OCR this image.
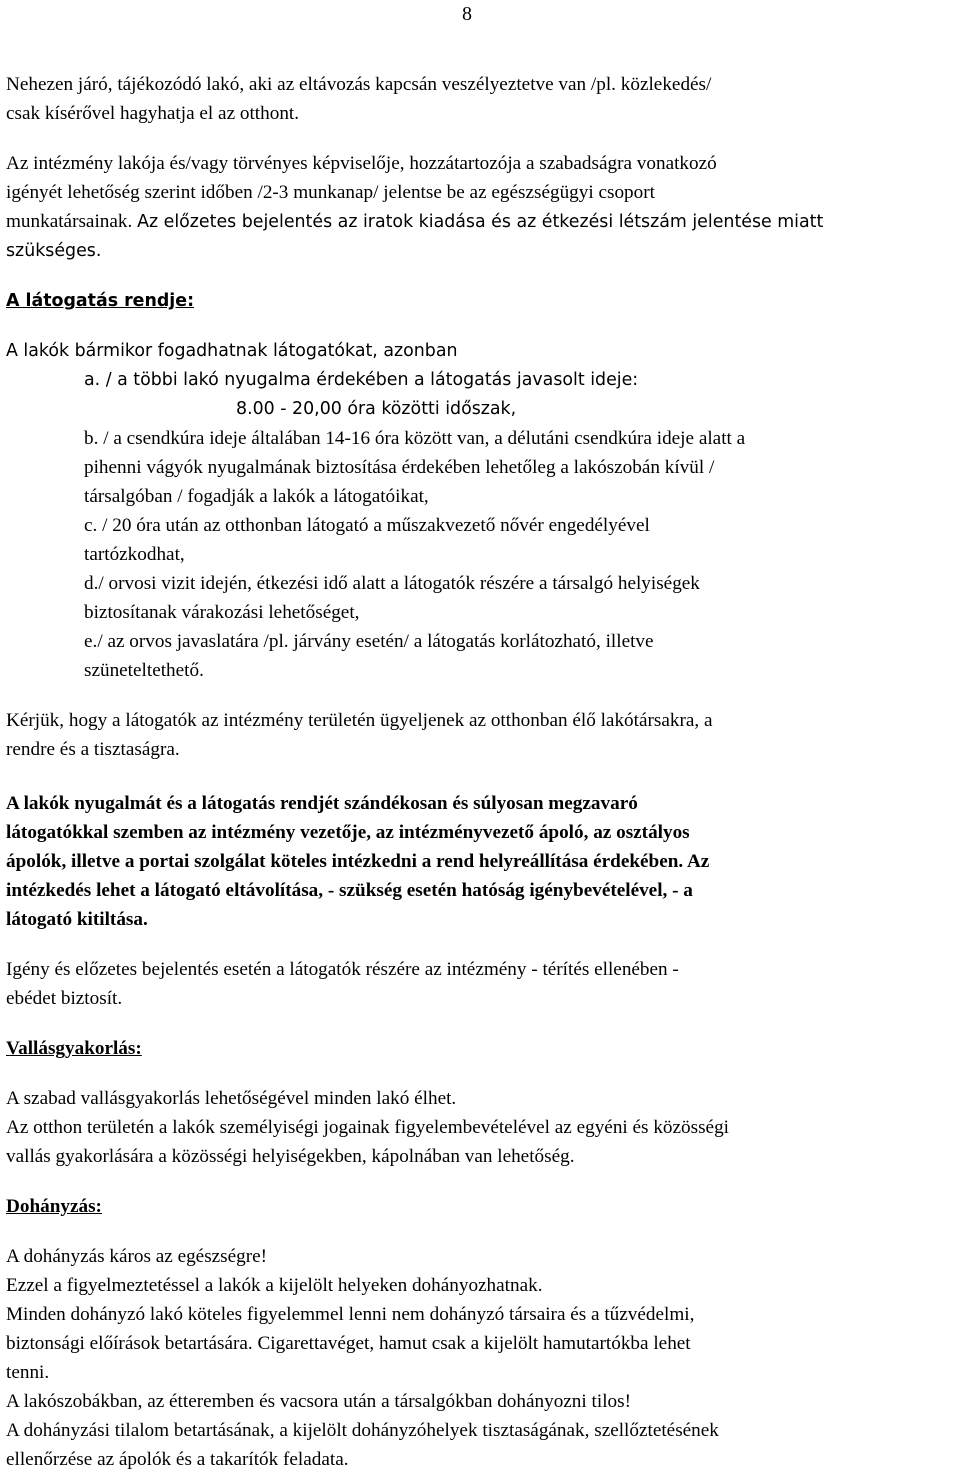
8
Nehezen járó, tájékozódó lakó, aki az eltávozás kapcsán veszélyeztetve van /pl. közlekedés/
csak kísérővel hagyhatja el az otthont.
Az intézmény lakója és/vagy törvényes képviselője, hozzátartozója a szabadságra vonatkozó
igényét lehetőség szerint időben /2-3 munkanap/ jelentse be az egészségügyi csoport
munkatársainak. Az előzetes bejelentés az iratok kiadása és az étkezési létszám jelentése miatt
szükséges.
A látogatás rendje:
A lakók bármikor fogadhatnak látogatókat, azonban
a. / a többi lakó nyugalma érdekében a látogatás javasolt ideje:
8.00 - 20,00 óra közötti időszak,
b. / a csendkúra ideje általában 14-16 óra között van, a délutáni csendkúra ideje alatt a
pihenni vágyók nyugalmának biztosítása érdekében lehetőleg a lakószobán kívül /
társalgóban / fogadják a lakók a látogatóikat,
c. / 20 óra után az otthonban látogató a műszakvezető nővér engedélyével
tartózkodhat,
d./ orvosi vizit idején, étkezési idő alatt a látogatók részére a társalgó helyiségek
biztosítanak várakozási lehetőséget,
e./ az orvos javaslatára /pl. járvány esetén/ a látogatás korlátozható, illetve
szüneteltethető.
Kérjük, hogy a látogatók az intézmény területén ügyeljenek az otthonban élő lakótársakra, a
rendre és a tisztaságra.
A lakók nyugalmát és a látogatás rendjét szándékosan és súlyosan megzavaró
látogatókkal szemben az intézmény vezetője, az intézményvezető ápoló, az osztályos
ápolók, illetve a portai szolgálat köteles intézkedni a rend helyreállítása érdekében. Az
intézkedés lehet a látogató eltávolítása, - szükség esetén hatóság igénybevételével, - a
látogató kitiltása.
Igény és előzetes bejelentés esetén a látogatók részére az intézmény - térítés ellenében -
ebédet biztosít.
Vallásgyakorlás:
A szabad vallásgyakorlás lehetőségével minden lakó élhet.
Az otthon területén a lakók személyiségi jogainak figyelembevételével az egyéni és közösségi
vallás gyakorlására a közösségi helyiségekben, kápolnában van lehetőség.
Dohányzás:
A dohányzás káros az egészségre!
Ezzel a figyelmeztetéssel a lakók a kijelölt helyeken dohányozhatnak.
Minden dohányzó lakó köteles figyelemmel lenni nem dohányzó társaira és a tűzvédelmi,
biztonsági előírások betartására. Cigarettavéget, hamut csak a kijelölt hamutartókba lehet
tenni.
A lakószobákban, az étteremben és vacsora után a társalgókban dohányozni tilos!
A dohányzási tilalom betartásának, a kijelölt dohányzóhelyek tisztaságának, szellőztetésének
ellenőrzése az ápolók és a takarítók feladata.
